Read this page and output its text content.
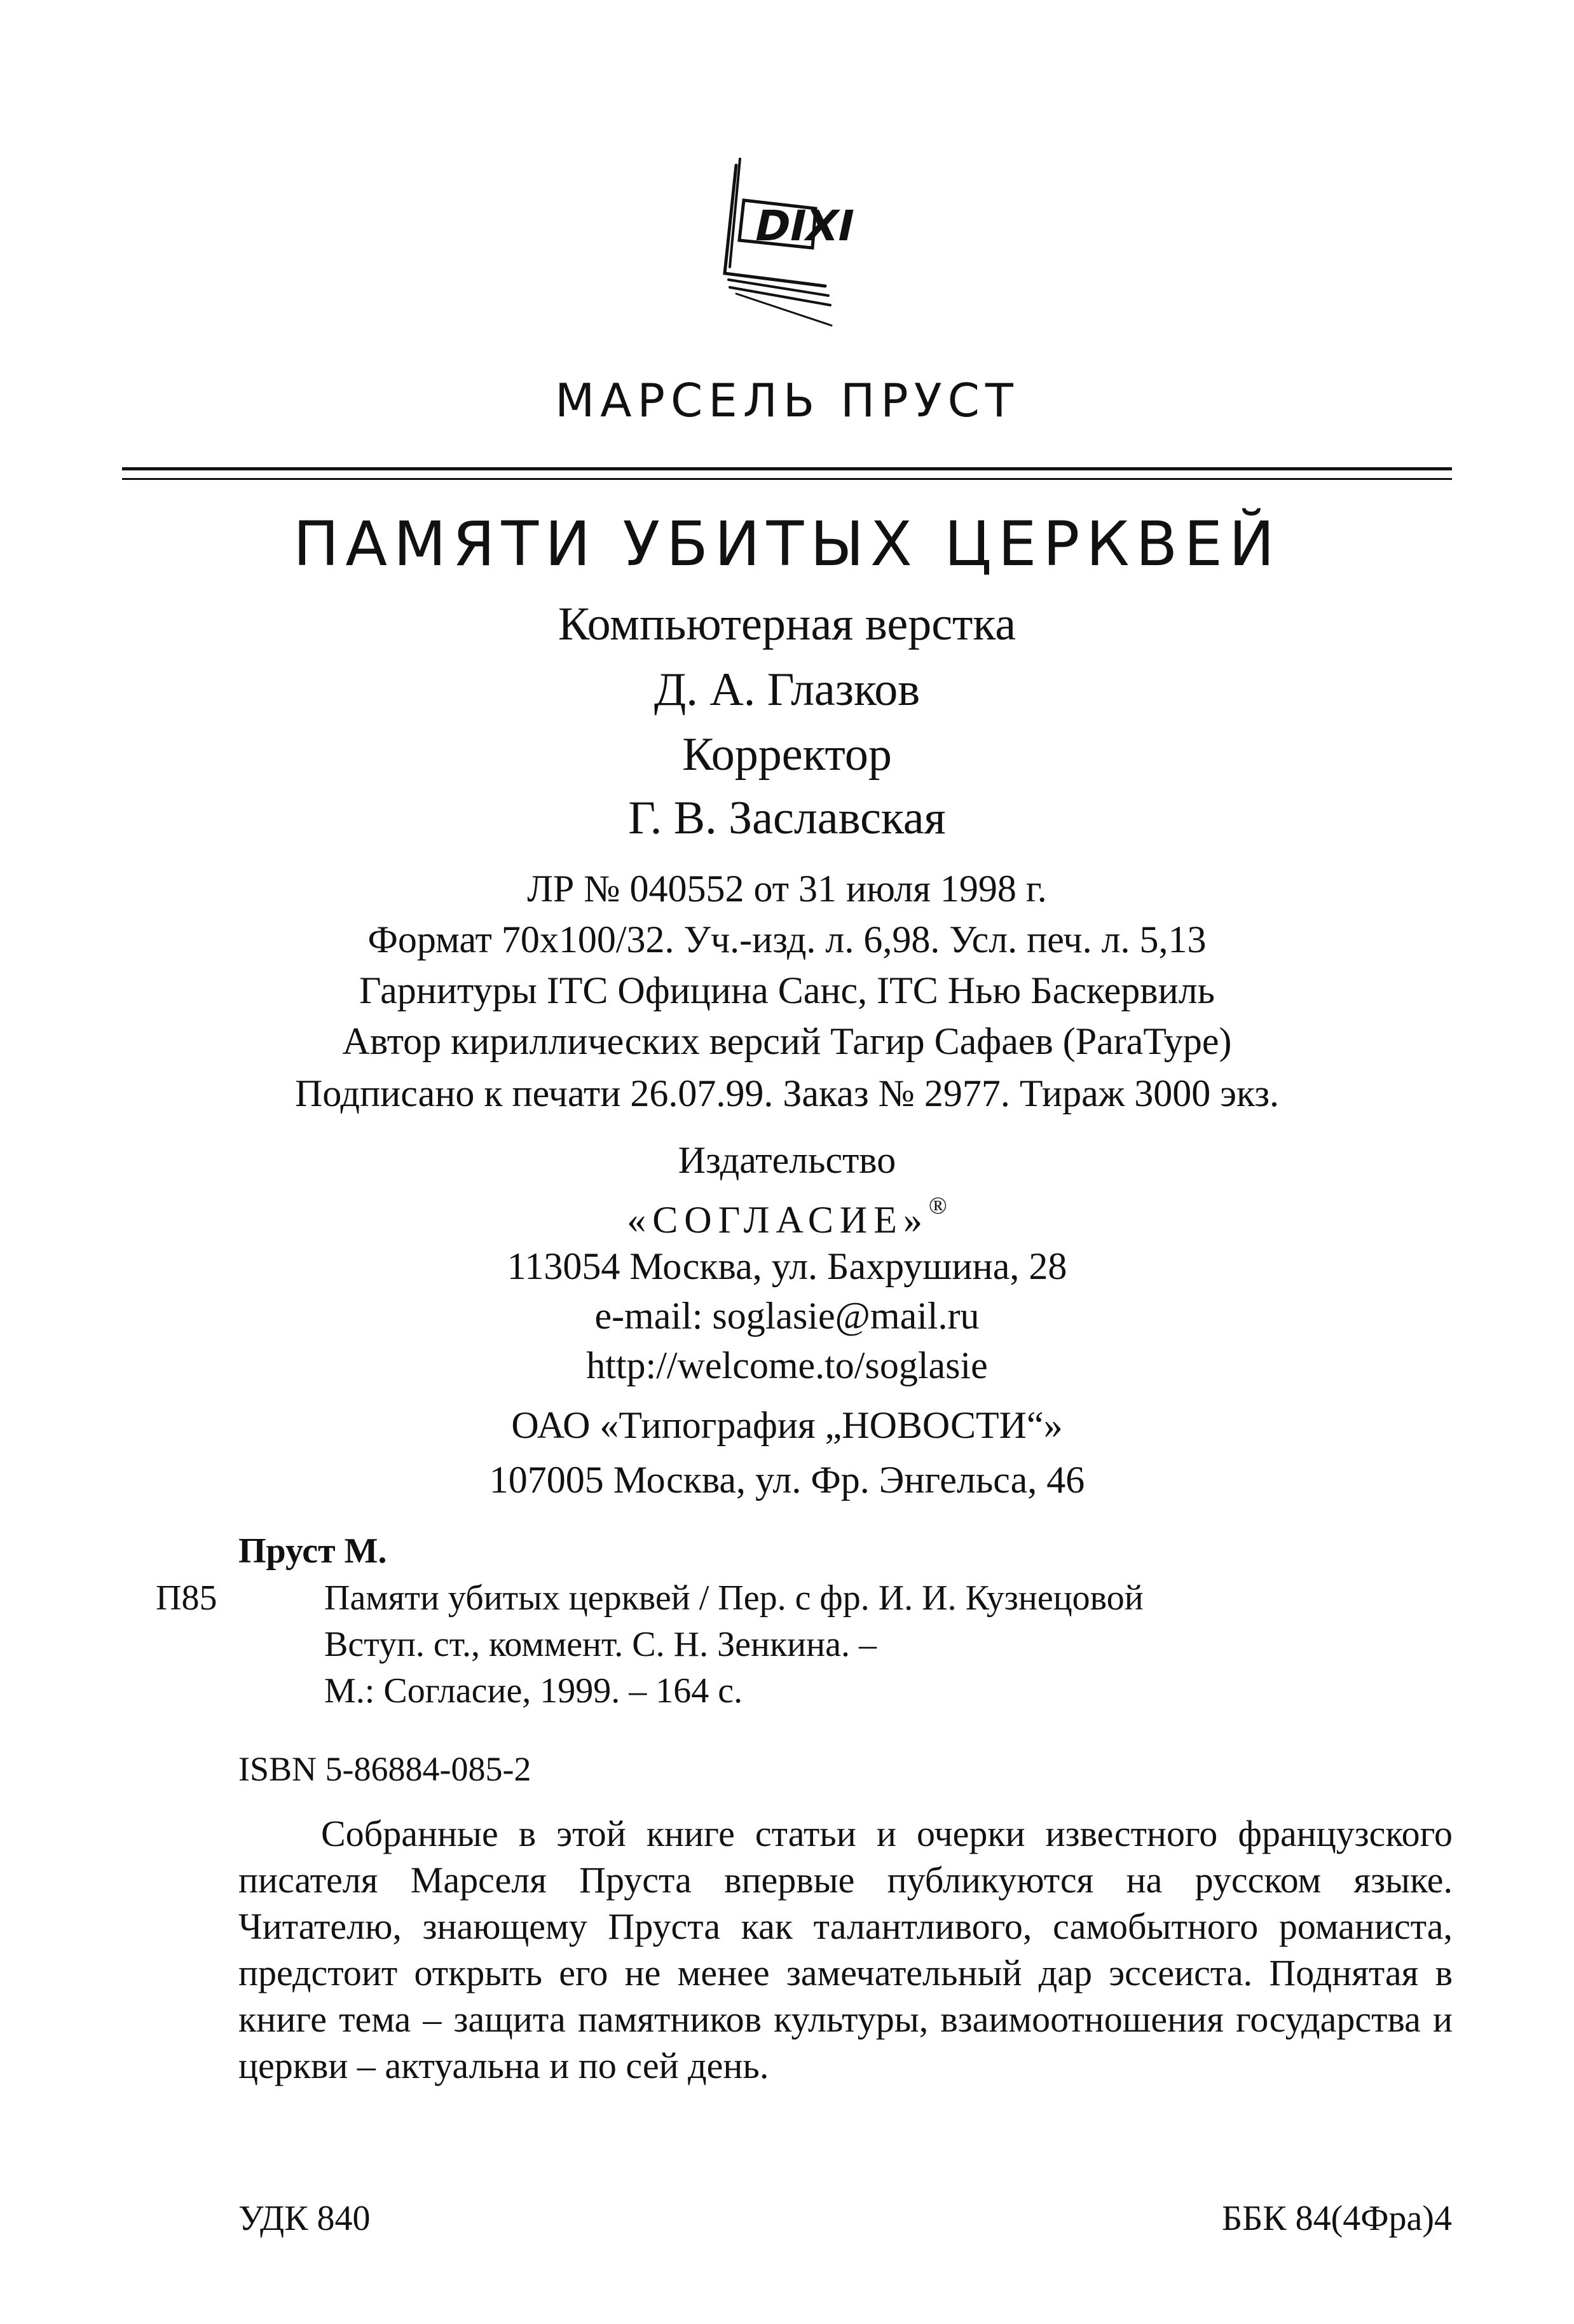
DIXI
МАРСЕЛЬ ПРУСТ
ПАМЯТИ УБИТЫХ ЦЕРКВЕЙ
Компьютерная верстка
Д. А. Глазков
Корректор
Г. В. Заславская
ЛР № 040552 от 31 июля 1998 г.
Формат 70x100/32. Уч.-изд. л. 6,98. Усл. печ. л. 5,13
Гарнитуры ITC Официна Санс, ITC Нью Баскервиль
Автор кириллических версий Тагир Сафаев (ParaType)
Подписано к печати 26.07.99. Заказ № 2977. Тираж 3000 экз.
Издательство
«СОГЛАСИЕ»®
113054 Москва, ул. Бахрушина, 28
e-mail: soglasie@mail.ru
http://welcome.to/soglasie
ОАО «Типография „НОВОСТИ“»
107005 Москва, ул. Фр. Энгельса, 46
Пруст М.
П85	Памяти убитых церквей / Пер. с фр. И. И. Кузнецовой
Вступ. ст., коммент. С. Н. Зенкина. –
М.: Согласие, 1999. – 164 с.
ISBN 5-86884-085-2
Собранные в этой книге статьи и очерки известного французского писателя Марселя Пруста впервые публикуются на русском языке. Читателю, знающему Пруста как талантливого, самобытного романиста, предстоит открыть его не менее замечательный дар эссеиста. Поднятая в книге тема – защита памятников культуры, взаимоотношения государства и церкви – актуальна и по сей день.
УДК 840	ББК 84(4Фра)4
